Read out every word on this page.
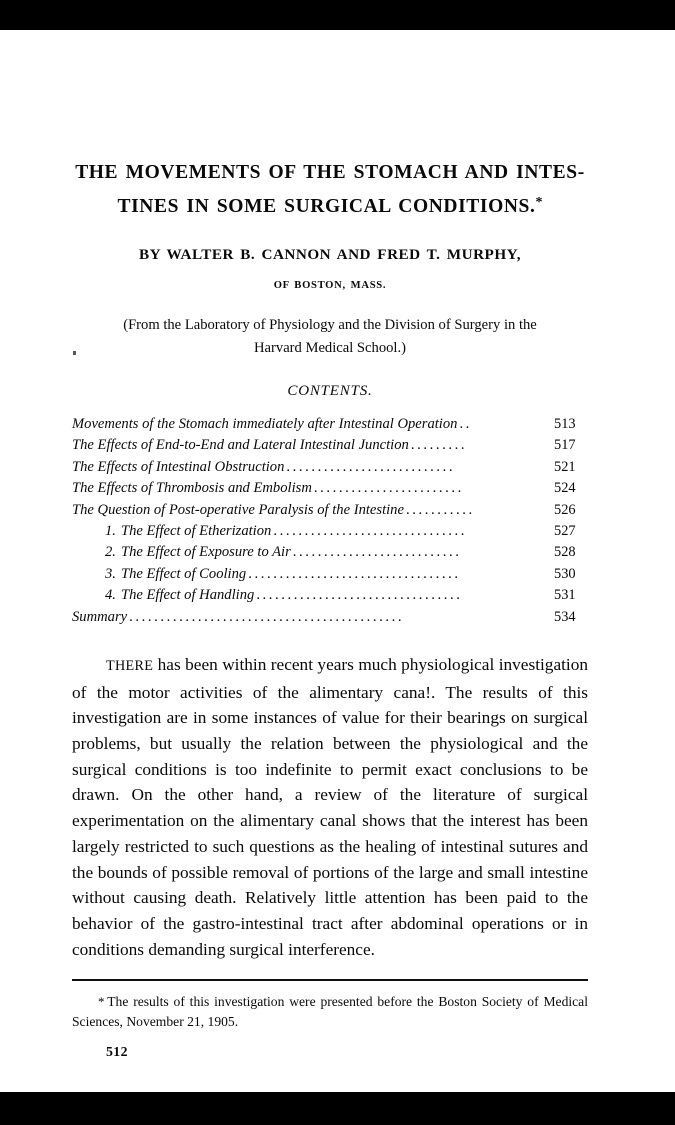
THE MOVEMENTS OF THE STOMACH AND INTES-
TINES IN SOME SURGICAL CONDITIONS.*

BY WALTER B. CANNON AND FRED T. MURPHY,

OF BOSTON, MASS.

(From the Laboratory of Physiology and the Division of Surgery in the
Harvard Medical School.)

CONTENTS.

Movements of the Stomach immediately after Intestinal Operation ..	513
The Effects of End-to-End and Lateral Intestinal Junction .........	517
The Effects of Intestinal Obstruction ...........................	521
The Effects of Thrombosis and Embolism ........................	524
The Question of Post-operative Paralysis of the Intestine ...........	526
1. The Effect of Etherization ...............................	527
2. The Effect of Exposure to Air ...........................	528
3. The Effect of Cooling ..................................	530
4. The Effect of Handling .................................	531
Summary ............................................	534

THERE has been within recent years much physiological investigation of the motor activities of the alimentary cana!. The results of this investigation are in some instances of value for their bearings on surgical problems, but usually the relation between the physiological and the surgical conditions is too indefinite to permit exact conclusions to be drawn. On the other hand, a review of the literature of surgical experimentation on the alimentary canal shows that the interest has been largely restricted to such questions as the healing of intestinal sutures and the bounds of possible removal of portions of the large and small intestine without causing death. Relatively little attention has been paid to the behavior of the gastro-intestinal tract after abdominal operations or in conditions demanding surgical interference.

*  The results of this investigation were presented before the Boston Society of Medical Sciences, November 21, 1905.

512
